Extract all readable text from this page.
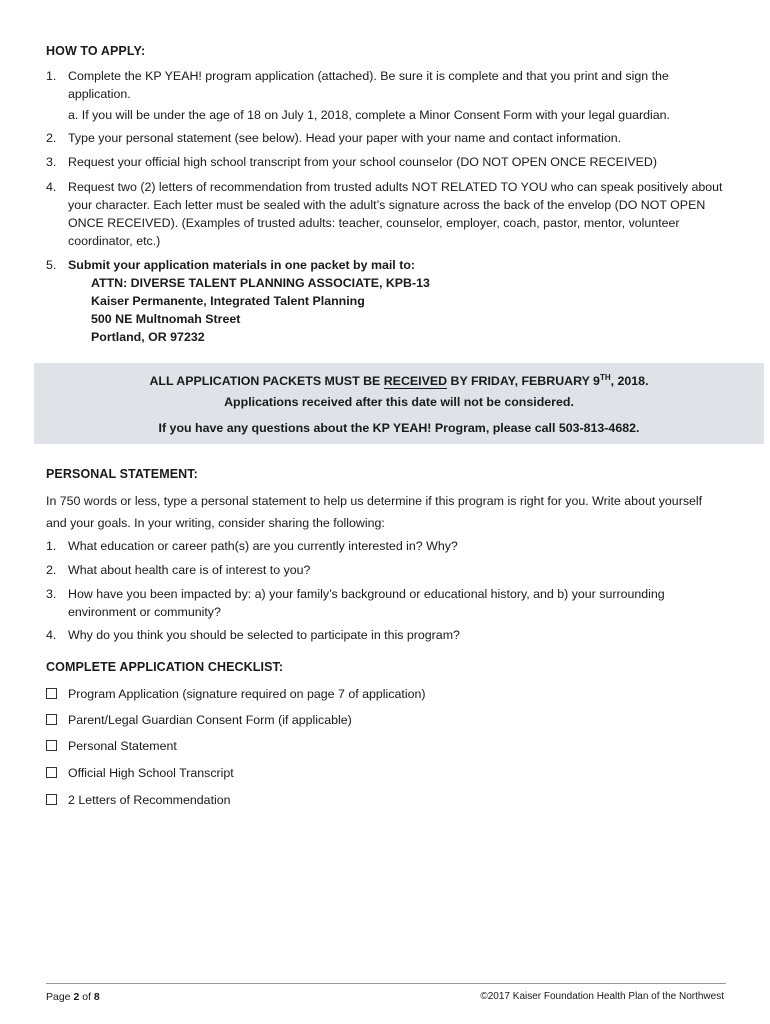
HOW TO APPLY:
1. Complete the KP YEAH! program application (attached). Be sure it is complete and that you print and sign the application.
a. If you will be under the age of 18 on July 1, 2018, complete a Minor Consent Form with your legal guardian.
2. Type your personal statement (see below). Head your paper with your name and contact information.
3. Request your official high school transcript from your school counselor (DO NOT OPEN ONCE RECEIVED)
4. Request two (2) letters of recommendation from trusted adults NOT RELATED TO YOU who can speak positively about your character. Each letter must be sealed with the adult’s signature across the back of the envelop (DO NOT OPEN ONCE RECEIVED). (Examples of trusted adults: teacher, counselor, employer, coach, pastor, mentor, volunteer coordinator, etc.)
5. Submit your application materials in one packet by mail to:
ATTN: DIVERSE TALENT PLANNING ASSOCIATE, KPB-13
Kaiser Permanente, Integrated Talent Planning
500 NE Multnomah Street
Portland, OR 97232
ALL APPLICATION PACKETS MUST BE RECEIVED BY FRIDAY, FEBRUARY 9TH, 2018.
Applications received after this date will not be considered.
If you have any questions about the KP YEAH! Program, please call 503-813-4682.
PERSONAL STATEMENT:
In 750 words or less, type a personal statement to help us determine if this program is right for you. Write about yourself and your goals. In your writing, consider sharing the following:
1. What education or career path(s) are you currently interested in? Why?
2. What about health care is of interest to you?
3. How have you been impacted by: a) your family’s background or educational history, and b) your surrounding environment or community?
4. Why do you think you should be selected to participate in this program?
COMPLETE APPLICATION CHECKLIST:
Program Application (signature required on page 7 of application)
Parent/Legal Guardian Consent Form (if applicable)
Personal Statement
Official High School Transcript
2 Letters of Recommendation
Page 2 of 8	©2017 Kaiser Foundation Health Plan of the Northwest
